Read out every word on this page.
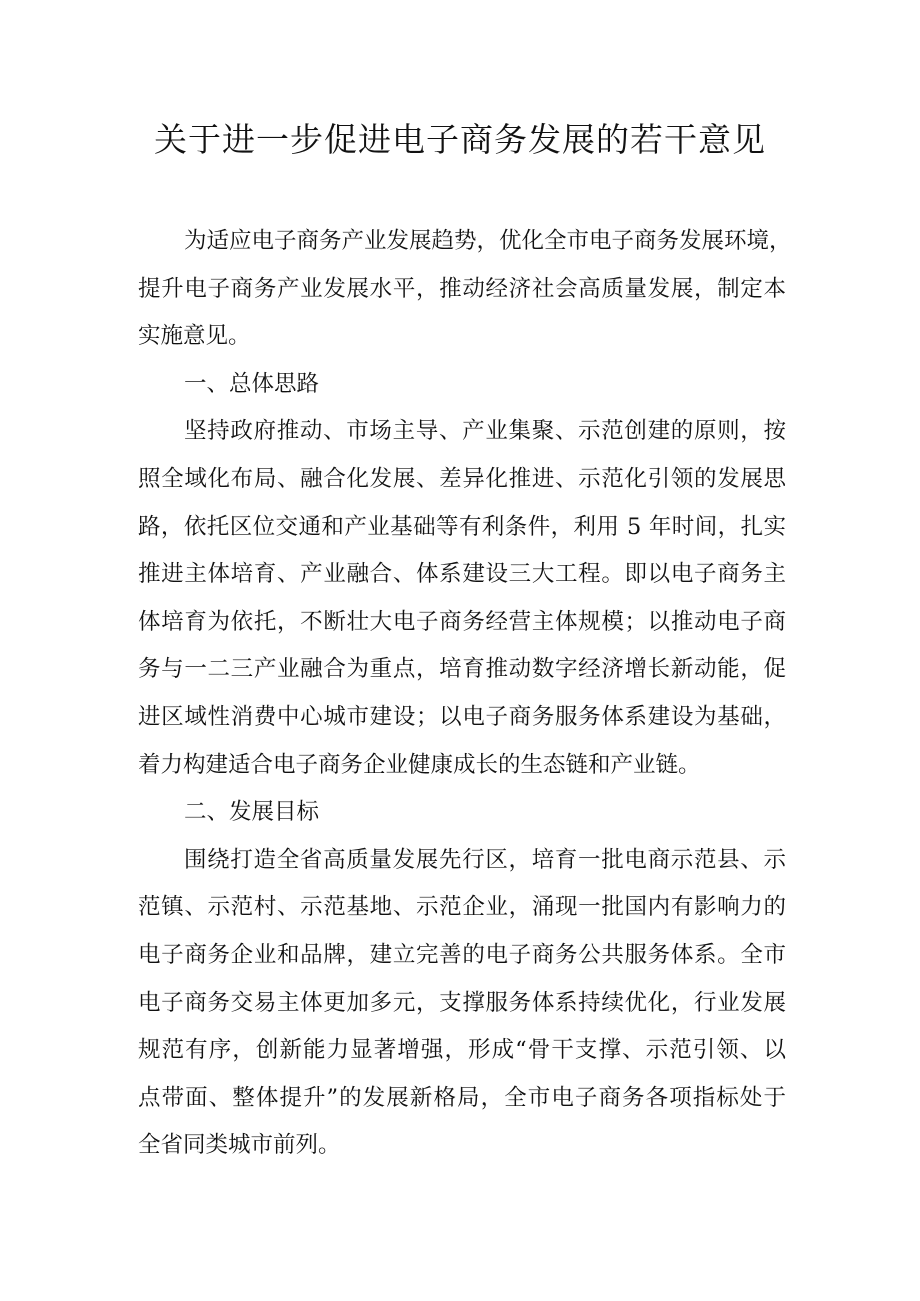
关于进一步促进电子商务发展的若干意见
为适应电子商务产业发展趋势，优化全市电子商务发展环境，
提升电子商务产业发展水平，推动经济社会高质量发展，制定本
实施意见。
一、总体思路
坚持政府推动、市场主导、产业集聚、示范创建的原则，按
照全域化布局、融合化发展、差异化推进、示范化引领的发展思
路，依托区位交通和产业基础等有利条件，利用 5 年时间，扎实
推进主体培育、产业融合、体系建设三大工程。即以电子商务主
体培育为依托，不断壮大电子商务经营主体规模；以推动电子商
务与一二三产业融合为重点，培育推动数字经济增长新动能，促
进区域性消费中心城市建设；以电子商务服务体系建设为基础，
着力构建适合电子商务企业健康成长的生态链和产业链。
二、发展目标
围绕打造全省高质量发展先行区，培育一批电商示范县、示
范镇、示范村、示范基地、示范企业，涌现一批国内有影响力的
电子商务企业和品牌，建立完善的电子商务公共服务体系。全市
电子商务交易主体更加多元，支撑服务体系持续优化，行业发展
规范有序，创新能力显著增强，形成“骨干支撑、示范引领、以
点带面、整体提升”的发展新格局，全市电子商务各项指标处于
全省同类城市前列。
